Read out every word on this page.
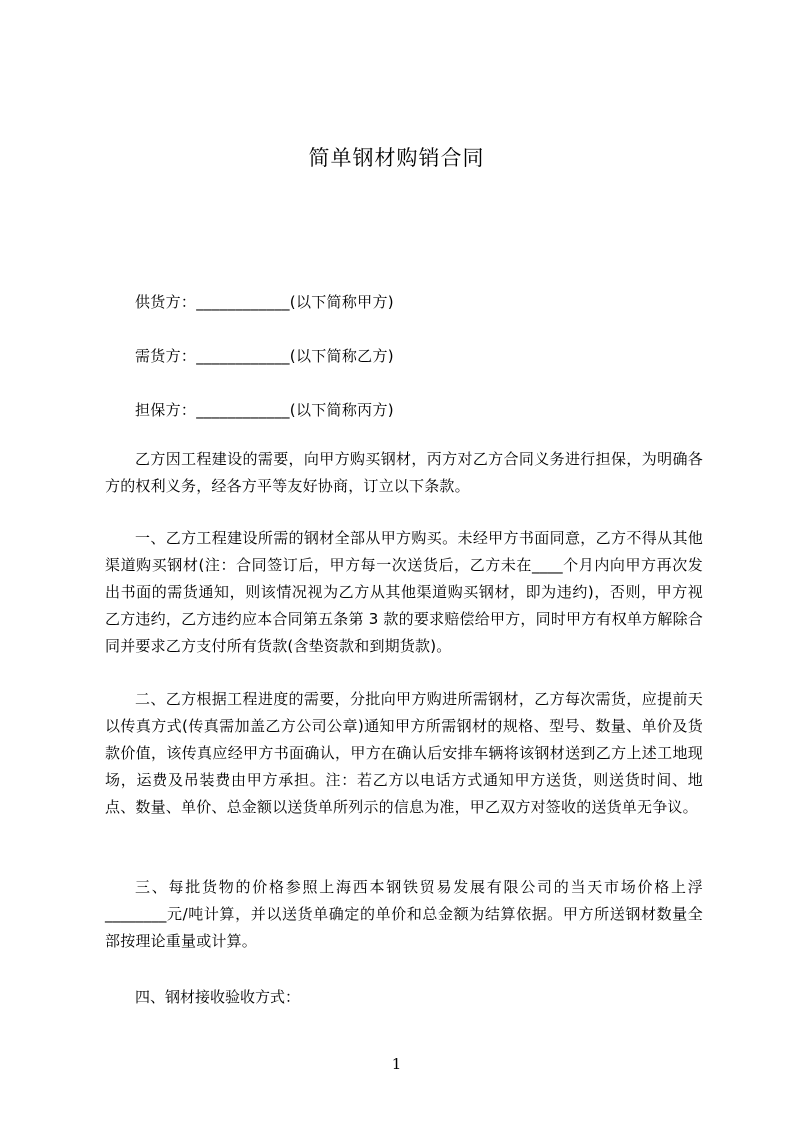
简单钢材购销合同
供货方：____________(以下简称甲方)
需货方：____________(以下简称乙方)
担保方：____________(以下简称丙方)
乙方因工程建设的需要，向甲方购买钢材，丙方对乙方合同义务进行担保，为明确各方的权利义务，经各方平等友好协商，订立以下条款。
一、乙方工程建设所需的钢材全部从甲方购买。未经甲方书面同意，乙方不得从其他渠道购买钢材(注：合同签订后，甲方每一次送货后，乙方未在____个月内向甲方再次发出书面的需货通知，则该情况视为乙方从其他渠道购买钢材，即为违约)，否则，甲方视乙方违约，乙方违约应本合同第五条第 3 款的要求赔偿给甲方，同时甲方有权单方解除合同并要求乙方支付所有货款(含垫资款和到期货款)。
二、乙方根据工程进度的需要，分批向甲方购进所需钢材，乙方每次需货，应提前天以传真方式(传真需加盖乙方公司公章)通知甲方所需钢材的规格、型号、数量、单价及货款价值，该传真应经甲方书面确认，甲方在确认后安排车辆将该钢材送到乙方上述工地现场，运费及吊装费由甲方承担。注：若乙方以电话方式通知甲方送货，则送货时间、地点、数量、单价、总金额以送货单所列示的信息为准，甲乙双方对签收的送货单无争议。
三、每批货物的价格参照上海西本钢铁贸易发展有限公司的当天市场价格上浮________元/吨计算，并以送货单确定的单价和总金额为结算依据。甲方所送钢材数量全部按理论重量或计算。
四、钢材接收验收方式：
1
